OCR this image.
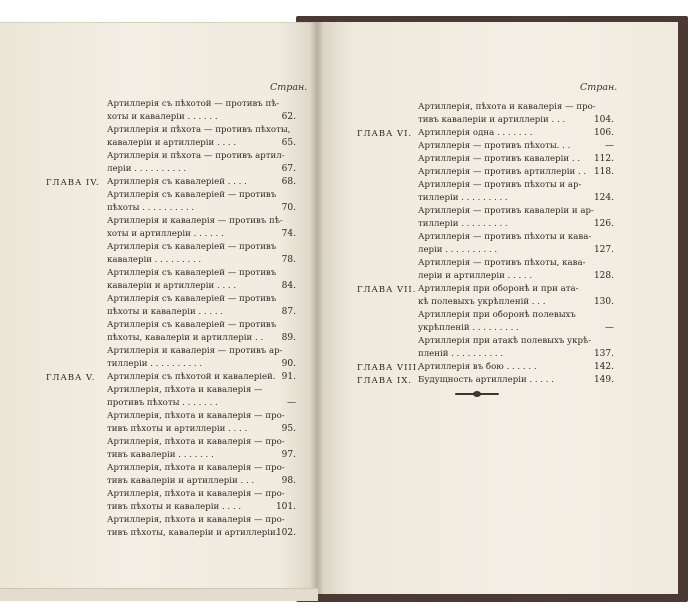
Стран.	Стран.
Артиллерія съ пѣхотой — противъ пѣ-
хоты и кавалеріи . . . . . .	62.
Артиллерія и пѣхота — противъ пѣхоты,
кавалеріи и артиллеріи . . . .	65.
Артиллерія и пѣхота — противъ артил-
леріи . . . . . . . . . .	67.
Артиллерія съ кавалеріей . . . .	68.
ГЛАВА IV.
Артиллерія съ кавалеріей — противъ
пѣхоты . . . . . . . . . .	70.
Артиллерія и кавалерія — противъ пѣ-
хоты и артиллеріи . . . . . .	74.
Артиллерія съ кавалеріей — противъ
кавалеріи . . . . . . . . .	78.
Артиллерія съ кавалеріей — противъ
кавалеріи и артиллеріи . . . .	84.
Артиллерія съ кавалеріей — противъ
пѣхоты и кавалеріи . . . . .	87.
Артиллерія съ кавалеріей — противъ
пѣхоты, кавалеріи и артиллеріи . .	89.
Артиллерія и кавалерія — противъ ар-
тиллеріи . . . . . . . . . .	90.
Артиллерія съ пѣхотой и кавалеріей. 91.
ГЛАВА V.
Артиллерія, пѣхота и кавалерія —
противъ пѣхоты . . . . . . .	—
Артиллерія, пѣхота и кавалерія — про-
тивъ пѣхоты и артиллеріи . . . .	95.
Артиллерія, пѣхота и кавалерія — про-
тивъ кавалеріи . . . . . . .	97.
Артиллерія, пѣхота и кавалерія — про-
тивъ кавалеріи и артиллеріи . . .	98.
Артиллерія, пѣхота и кавалерія — про-
тивъ пѣхоты и кавалеріи . . . .	101.
Артиллерія, пѣхота и кавалерія — про-
тивъ пѣхоты, кавалеріи и артиллеріи.
102.
Артиллерія, пѣхота и кавалерія — про-
тивъ кавалеріи и артиллеріи . . .	104.
Артиллерія одна . . . . . . .	106.
ГЛАВА VI.
Артиллерія — противъ пѣхоты. . .	—
Артиллерія — противъ кавалеріи . .	112.
Артиллерія — противъ артиллеріи . . 118.
Артиллерія — противъ пѣхоты и ар-
тиллеріи . . . . . . . . .	124.
Артиллерія — противъ кавалеріи и ар-
тиллеріи . . . . . . . . .	126.
Артиллерія — противъ пѣхоты и кава-
леріи . . . . . . . . . .	127.
Артиллерія — противъ пѣхоты, кава-
леріи и артиллеріи . . . . .	128.
Артиллерія при оборонѣ и при ата-
ГЛАВА VII.
кѣ полевыхъ укрѣпленій . . .	130.
Артиллерія при оборонѣ полевыхъ
укрѣпленій . . . . . . . . .	—
Артиллерія при атакѣ полевыхъ укрѣ-
пленій . . . . . . . . . .	137.
Артиллерія въ бою . . . . . .	142.
ГЛАВА VIII.
Будущность артиллеріи . . . . .	149.
ГЛАВА IX.
